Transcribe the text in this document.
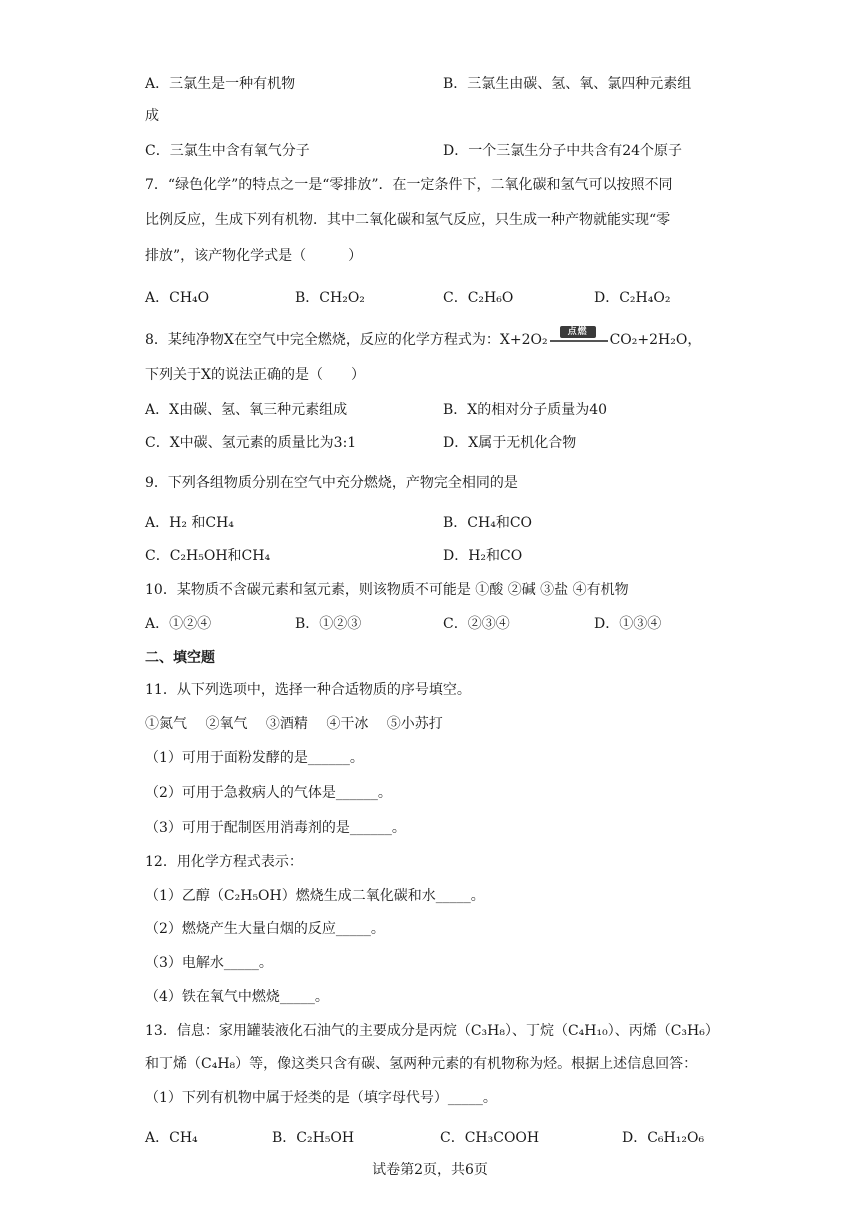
A．三氯生是一种有机物	B．三氯生由碳、氢、氧、氯四种元素组
成
C．三氯生中含有氧气分子	D．一个三氯生分子中共含有24个原子
7．“绿色化学”的特点之一是“零排放”．在一定条件下，二氧化碳和氢气可以按照不同
比例反应，生成下列有机物．其中二氧化碳和氢气反应，只生成一种产物就能实现“零
排放”，该产物化学式是（　　　）
A．CH₄O	B．CH₂O₂	C．C₂H₆O	D．C₂H₄O₂
8．某纯净物X在空气中完全燃烧，反应的化学方程式为：X+2O₂	点燃	CO₂+2H₂O，
下列关于X的说法正确的是（　　）
A．X由碳、氢、氧三种元素组成	B．X的相对分子质量为40
C．X中碳、氢元素的质量比为3:1	D．X属于无机化合物
9．下列各组物质分别在空气中充分燃烧，产物完全相同的是
A．H₂ 和CH₄	B．CH₄和CO
C．C₂H₅OH和CH₄	D．H₂和CO
10．某物质不含碳元素和氢元素，则该物质不可能是 ①酸 ②碱 ③盐 ④有机物
A．①②④	B．①②③	C．②③④	D．①③④
二、填空题
11．从下列选项中，选择一种合适物质的序号填空。
①氮气　 ②氧气　 ③酒精　 ④干冰　 ⑤小苏打
（1）可用于面粉发酵的是______。
（2）可用于急救病人的气体是______。
（3）可用于配制医用消毒剂的是______。
12．用化学方程式表示：
（1）乙醇（C₂H₅OH）燃烧生成二氧化碳和水_____。
（2）燃烧产生大量白烟的反应_____。
（3）电解水_____。
（4）铁在氧气中燃烧_____。
13．信息：家用罐装液化石油气的主要成分是丙烷（C₃H₈）、丁烷（C₄H₁₀）、丙烯（C₃H₆）
和丁烯（C₄H₈）等，像这类只含有碳、氢两种元素的有机物称为烃。根据上述信息回答：
（1）下列有机物中属于烃类的是（填字母代号）_____。
A．CH₄	B．C₂H₅OH	C．CH₃COOH	D．C₆H₁₂O₆
试卷第2页，共6页
